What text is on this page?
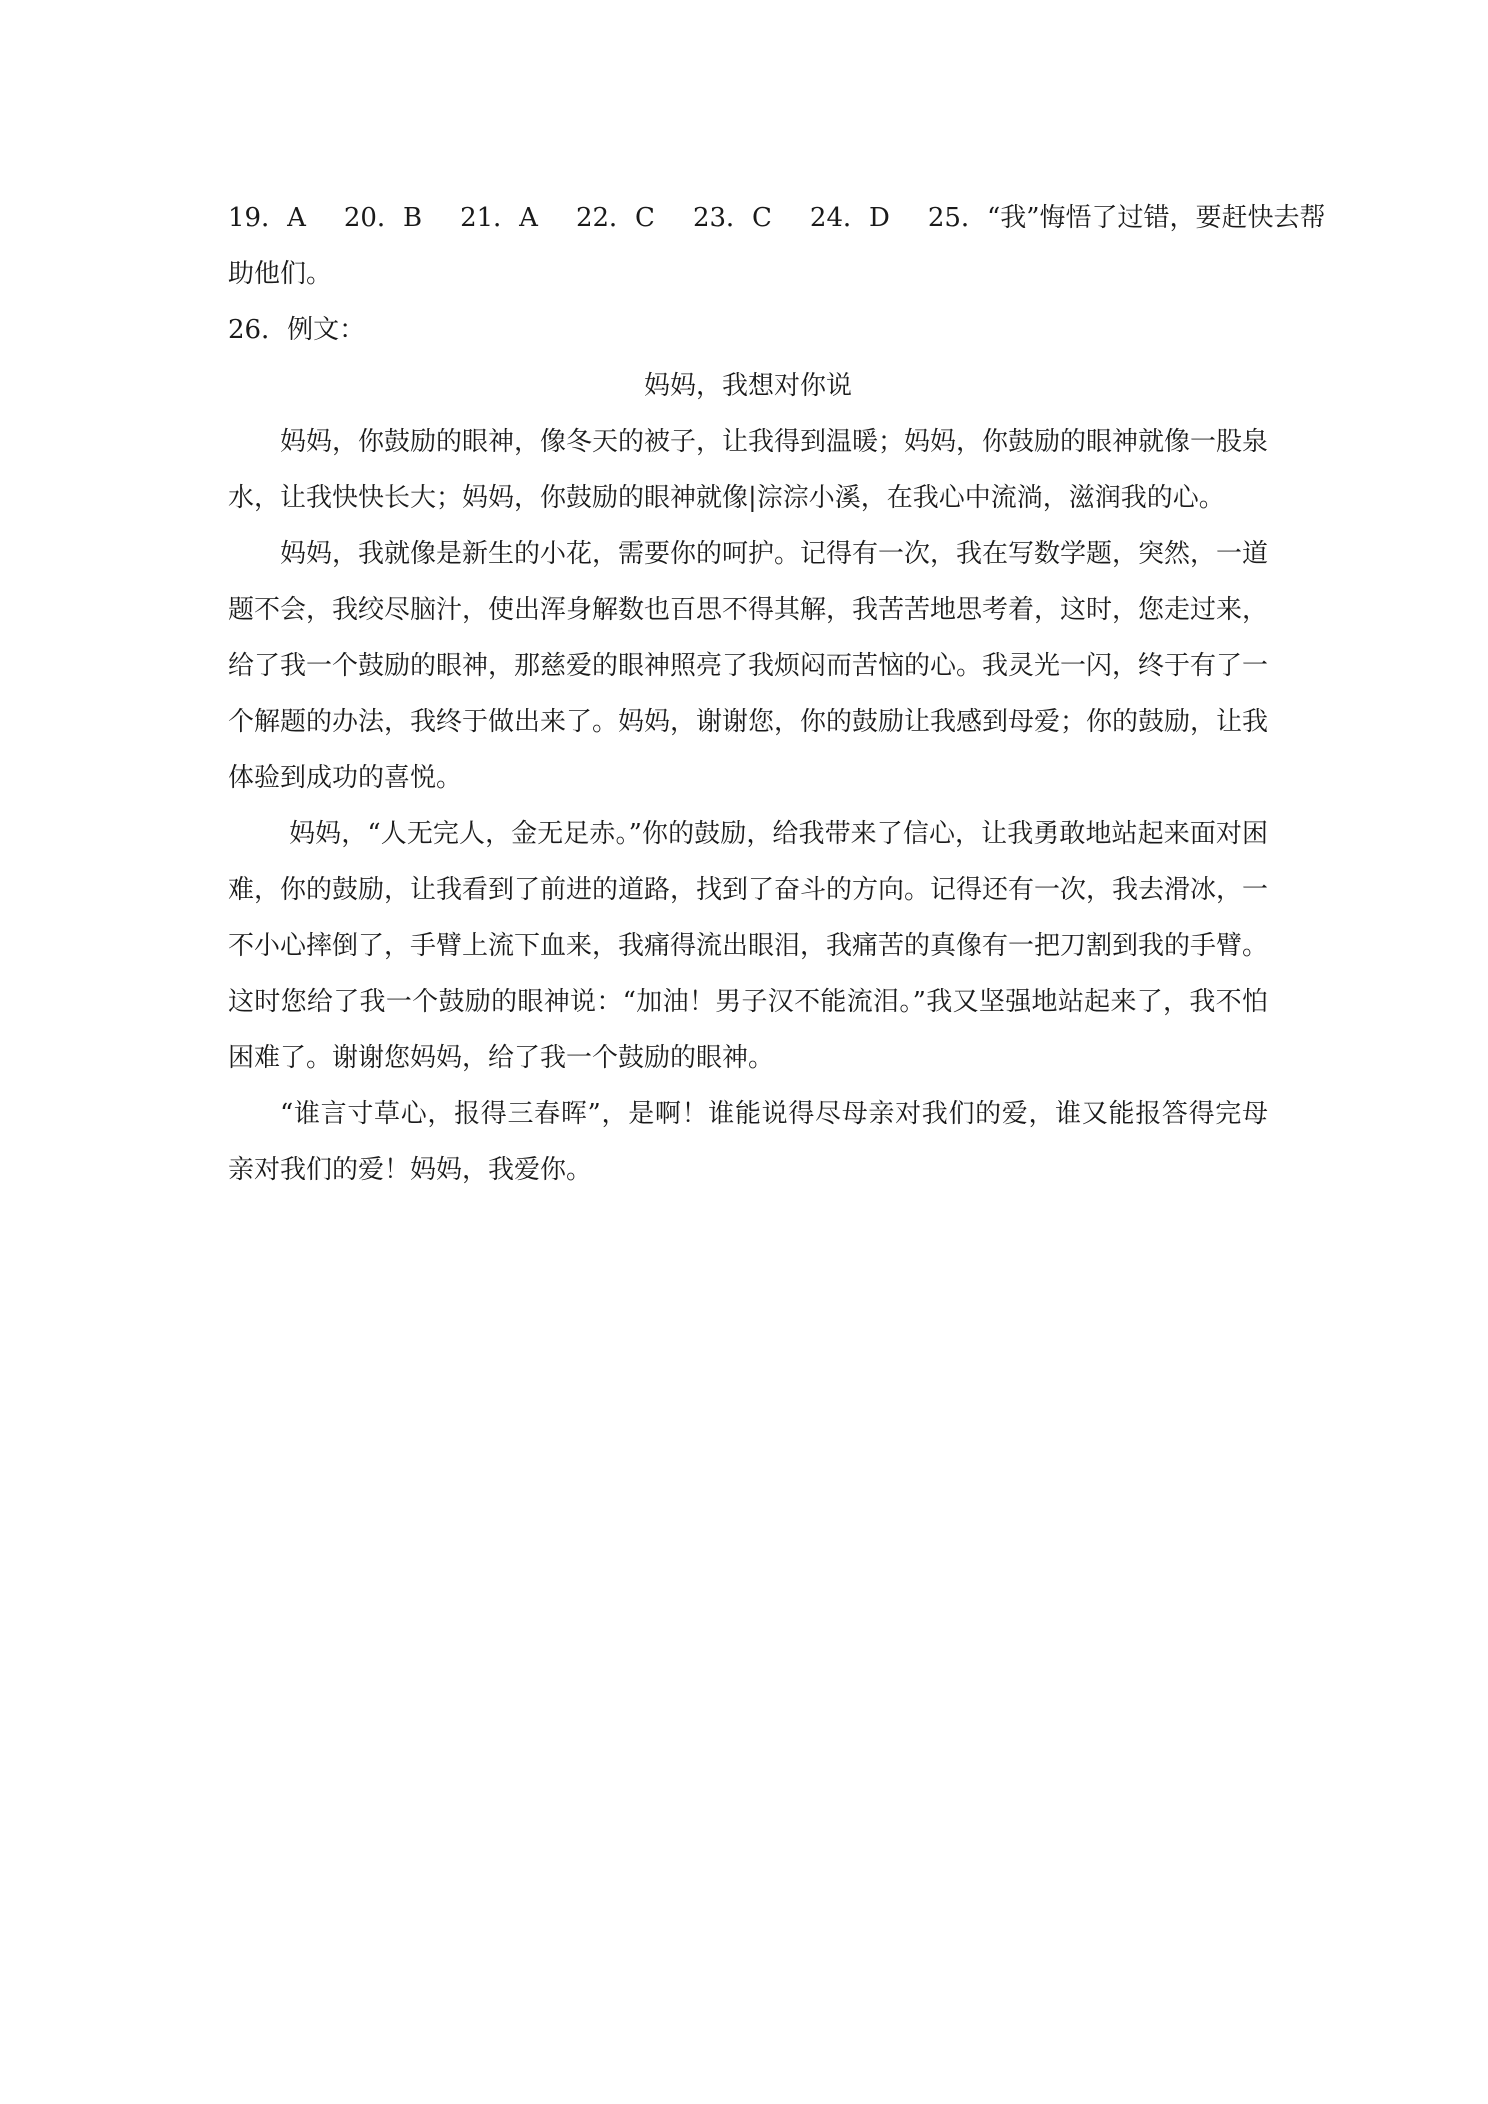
19．A 20．B 21．A 22．C 23．C 24．D 25．“我”悔悟了过错，要赶快去帮

助他们。

26．例文：

妈妈，我想对你说

妈妈，你鼓励的眼神，像冬天的被子，让我得到温暖；妈妈，你鼓励的眼神就像一股泉水，让我快快长大；妈妈，你鼓励的眼神就像|淙淙小溪，在我心中流淌，滋润我的心。

妈妈，我就像是新生的小花，需要你的呵护。记得有一次，我在写数学题，突然，一道题不会，我绞尽脑汁，使出浑身解数也百思不得其解，我苦苦地思考着，这时，您走过来，给了我一个鼓励的眼神，那慈爱的眼神照亮了我烦闷而苦恼的心。我灵光一闪，终于有了一个解题的办法，我终于做出来了。妈妈，谢谢您，你的鼓励让我感到母爱；你的鼓励，让我体验到成功的喜悦。

妈妈，“人无完人，金无足赤。”你的鼓励，给我带来了信心，让我勇敢地站起来面对困难，你的鼓励，让我看到了前进的道路，找到了奋斗的方向。记得还有一次，我去滑冰，一不小心摔倒了，手臂上流下血来，我痛得流出眼泪，我痛苦的真像有一把刀割到我的手臂。这时您给了我一个鼓励的眼神说：“加油！男子汉不能流泪。”我又坚强地站起来了，我不怕困难了。谢谢您妈妈，给了我一个鼓励的眼神。

“谁言寸草心，报得三春晖”，是啊！谁能说得尽母亲对我们的爱，谁又能报答得完母亲对我们的爱！妈妈，我爱你。
